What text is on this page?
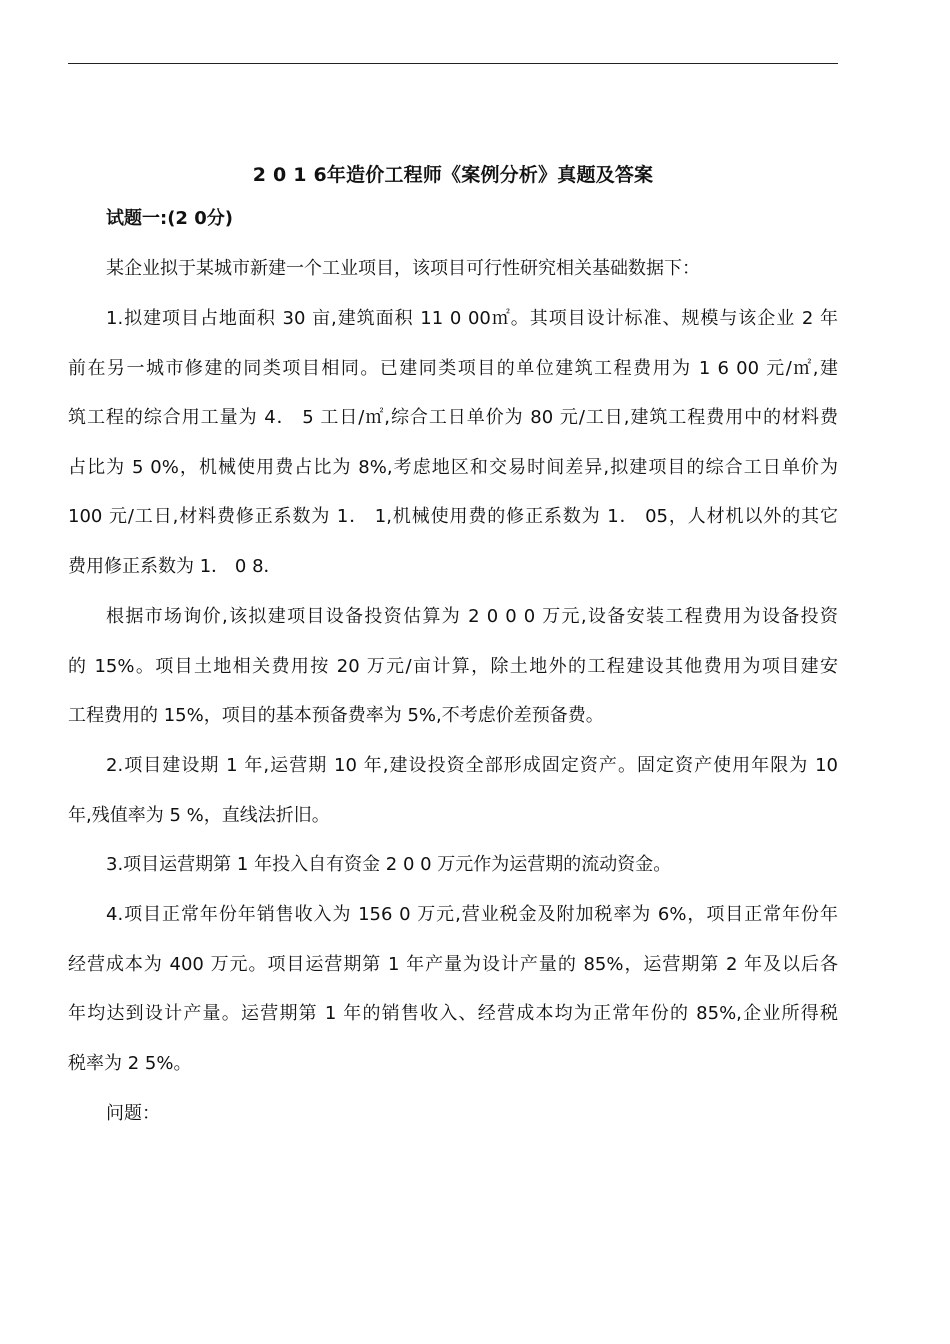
2 0 1 6年造价工程师《案例分析》真题及答案
试题一:(2 0分)
某企业拟于某城市新建一个工业项目，该项目可行性研究相关基础数据下：
1.拟建项目占地面积 30 亩,建筑面积 11 0 00㎡。其项目设计标准、规模与该企业 2 年
前在另一城市修建的同类项目相同。已建同类项目的单位建筑工程费用为 1 6 00 元/㎡,建
筑工程的综合用工量为 4． 5 工日/㎡,综合工日单价为 80 元/工日,建筑工程费用中的材料费
占比为 5 0%，机械使用费占比为 8%,考虑地区和交易时间差异,拟建项目的综合工日单价为
100 元/工日,材料费修正系数为 1． 1,机械使用费的修正系数为 1． 05，人材机以外的其它
费用修正系数为 1． 0 8．
根据市场询价,该拟建项目设备投资估算为 2 0 0 0 万元,设备安装工程费用为设备投资
的 15%。项目土地相关费用按 20 万元/亩计算，除土地外的工程建设其他费用为项目建安
工程费用的 15%，项目的基本预备费率为 5%,不考虑价差预备费。
2.项目建设期 1 年,运营期 10 年,建设投资全部形成固定资产。固定资产使用年限为 10
年,残值率为 5 %，直线法折旧。
3.项目运营期第 1 年投入自有资金 2 0 0 万元作为运营期的流动资金。
4.项目正常年份年销售收入为 156 0 万元,营业税金及附加税率为 6%，项目正常年份年
经营成本为 400 万元。项目运营期第 1 年产量为设计产量的 85%，运营期第 2 年及以后各
年均达到设计产量。运营期第 1 年的销售收入、经营成本均为正常年份的 85%,企业所得税
税率为 2 5%。
问题：
